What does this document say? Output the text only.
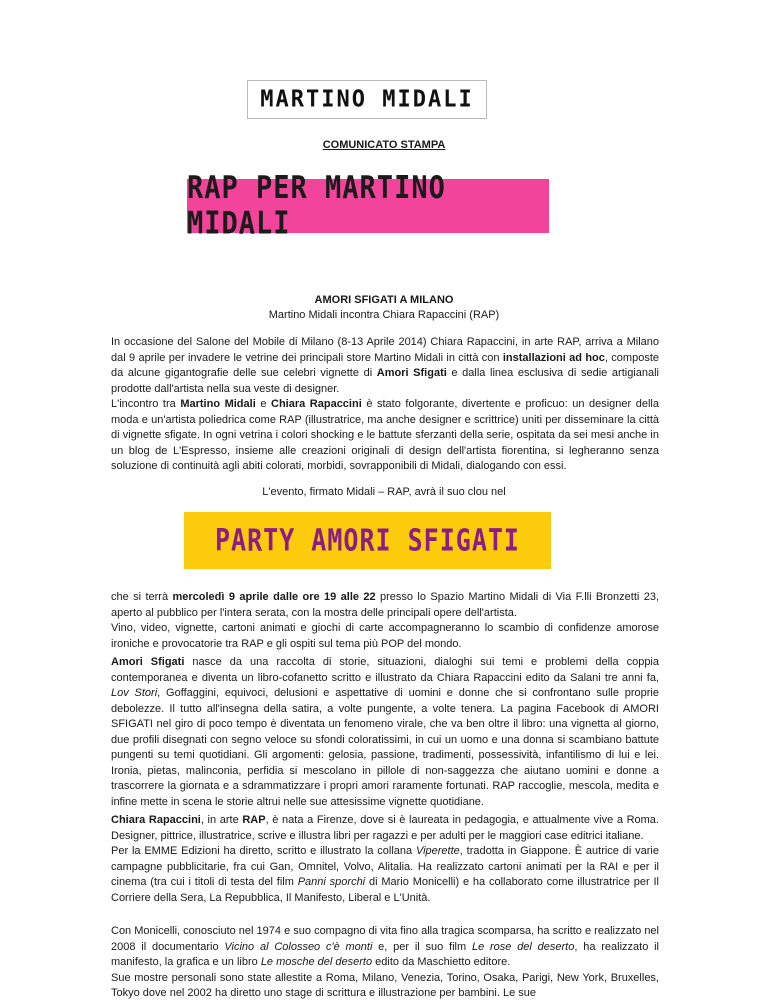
MARTINO MIDALI
COMUNICATO STAMPA
RAP PER MARTINO MIDALI
AMORI SFIGATI A MILANO
Martino Midali incontra Chiara Rapaccini (RAP)

In occasione del Salone del Mobile di Milano (8-13 Aprile 2014) Chiara Rapaccini, in arte RAP, arriva a Milano dal 9 aprile per invadere le vetrine dei principali store Martino Midali in città con installazioni ad hoc, composte da alcune gigantografie delle sue celebri vignette di Amori Sfigati e dalla linea esclusiva di sedie artigianali prodotte dall'artista nella sua veste di designer.
L'incontro tra Martino Midali e Chiara Rapaccini è stato folgorante, divertente e proficuo: un designer della moda e un'artista poliedrica come RAP (illustratrice, ma anche designer e scrittrice) uniti per disseminare la città di vignette sfigate. In ogni vetrina i colori shocking e le battute sferzanti della serie, ospitata da sei mesi anche in un blog de L'Espresso, insieme alle creazioni originali di design dell'artista fiorentina, si legheranno senza soluzione di continuità agli abiti colorati, morbidi, sovrapponibili di Midali, dialogando con essi.

L'evento, firmato Midali – RAP, avrà il suo clou nel
PARTY AMORI SFIGATI

che si terrà mercoledì 9 aprile dalle ore 19 alle 22 presso lo Spazio Martino Midali di Via F.lli Bronzetti 23, aperto al pubblico per l'intera serata, con la mostra delle principali opere dell'artista.
Vino, video, vignette, cartoni animati e giochi di carte accompagneranno lo scambio di confidenze amorose ironiche e provocatorie tra RAP e gli ospiti sul tema più POP del mondo.

Amori Sfigati nasce da una raccolta di storie, situazioni, dialoghi sui temi e problemi della coppia contemporanea e diventa un libro-cofanetto scritto e illustrato da Chiara Rapaccini edito da Salani tre anni fa, Lov Stori, Goffaggini, equivoci, delusioni e aspettative di uomini e donne che si confrontano sulle proprie debolezze. Il tutto all'insegna della satira, a volte pungente, a volte tenera. La pagina Facebook di AMORI SFIGATI nel giro di poco tempo è diventata un fenomeno virale, che va ben oltre il libro: una vignetta al giorno, due profili disegnati con segno veloce su sfondi coloratissimi, in cui un uomo e una donna si scambiano battute pungenti su temi quotidiani. Gli argomenti: gelosia, passione, tradimenti, possessività, infantilismo di lui e lei. Ironia, pietas, malinconia, perfidia si mescolano in pillole di non-saggezza che aiutano uomini e donne a trascorrere la giornata e a sdrammatizzare i propri amori raramente fortunati. RAP raccoglie, mescola, medita e infine mette in scena le storie altrui nelle sue attesissime vignette quotidiane.

Chiara Rapaccini, in arte RAP, è nata a Firenze, dove si è laureata in pedagogia, e attualmente vive a Roma. Designer, pittrice, illustratrice, scrive e illustra libri per ragazzi e per adulti per le maggiori case editrici italiane.
Per la EMME Edizioni ha diretto, scritto e illustrato la collana Viperette, tradotta in Giappone. È autrice di varie campagne pubblicitarie, fra cui Gan, Omnitel, Volvo, Alitalia. Ha realizzato cartoni animati per la RAI e per il cinema (tra cui i titoli di testa del film Panni sporchi di Mario Monicelli) e ha collaborato come illustratrice per Il Corriere della Sera, La Repubblica, Il Manifesto, Liberal e L'Unità.

Con Monicelli, conosciuto nel 1974 e suo compagno di vita fino alla tragica scomparsa, ha scritto e realizzato nel 2008 il documentario Vicino al Colosseo c'è monti e, per il suo film Le rose del deserto, ha realizzato il manifesto, la grafica e un libro Le mosche del deserto edito da Maschietto editore.
Sue mostre personali sono state allestite a Roma, Milano, Venezia, Torino, Osaka, Parigi, New York, Bruxelles, Tokyo dove nel 2002 ha diretto uno stage di scrittura e illustrazione per bambini. Le sue
